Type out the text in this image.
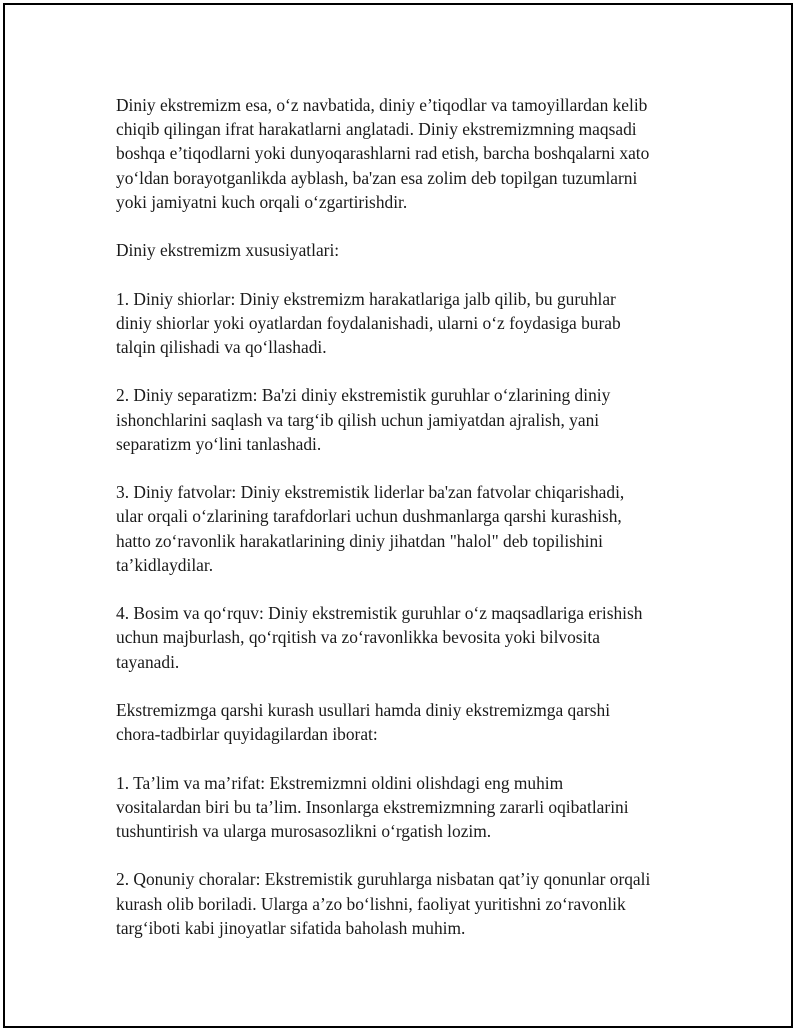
Diniy ekstremizm esa, o‘z navbatida, diniy e’tiqodlar va tamoyillardan kelib
chiqib qilingan ifrat harakatlarni anglatadi. Diniy ekstremizmning maqsadi
boshqa e’tiqodlarni yoki dunyoqarashlarni rad etish, barcha boshqalarni xato
yo‘ldan borayotganlikda ayblash, ba'zan esa zolim deb topilgan tuzumlarni
yoki jamiyatni kuch orqali o‘zgartirishdir.

Diniy ekstremizm xususiyatlari:

1. Diniy shiorlar: Diniy ekstremizm harakatlariga jalb qilib, bu guruhlar
diniy shiorlar yoki oyatlardan foydalanishadi, ularni o‘z foydasiga burab
talqin qilishadi va qo‘llashadi.

2. Diniy separatizm: Ba'zi diniy ekstremistik guruhlar o‘zlarining diniy
ishonchlarini saqlash va targ‘ib qilish uchun jamiyatdan ajralish, yani
separatizm yo‘lini tanlashadi.

3. Diniy fatvolar: Diniy ekstremistik liderlar ba'zan fatvolar chiqarishadi,
ular orqali o‘zlarining tarafdorlari uchun dushmanlarga qarshi kurashish,
hatto zo‘ravonlik harakatlarining diniy jihatdan "halol" deb topilishini
ta’kidlaydilar.

4. Bosim va qo‘rquv: Diniy ekstremistik guruhlar o‘z maqsadlariga erishish
uchun majburlash, qo‘rqitish va zo‘ravonlikka bevosita yoki bilvosita
tayanadi.

Ekstremizmga qarshi kurash usullari hamda diniy ekstremizmga qarshi
chora-tadbirlar quyidagilardan iborat:

1. Ta’lim va ma’rifat: Ekstremizmni oldini olishdagi eng muhim
vositalardan biri bu ta’lim. Insonlarga ekstremizmning zararli oqibatlarini
tushuntirish va ularga murosasozlikni o‘rgatish lozim.

2. Qonuniy choralar: Ekstremistik guruhlarga nisbatan qat’iy qonunlar orqali
kurash olib boriladi. Ularga a’zo bo‘lishni, faoliyat yuritishni zo‘ravonlik
targ‘iboti kabi jinoyatlar sifatida baholash muhim.
